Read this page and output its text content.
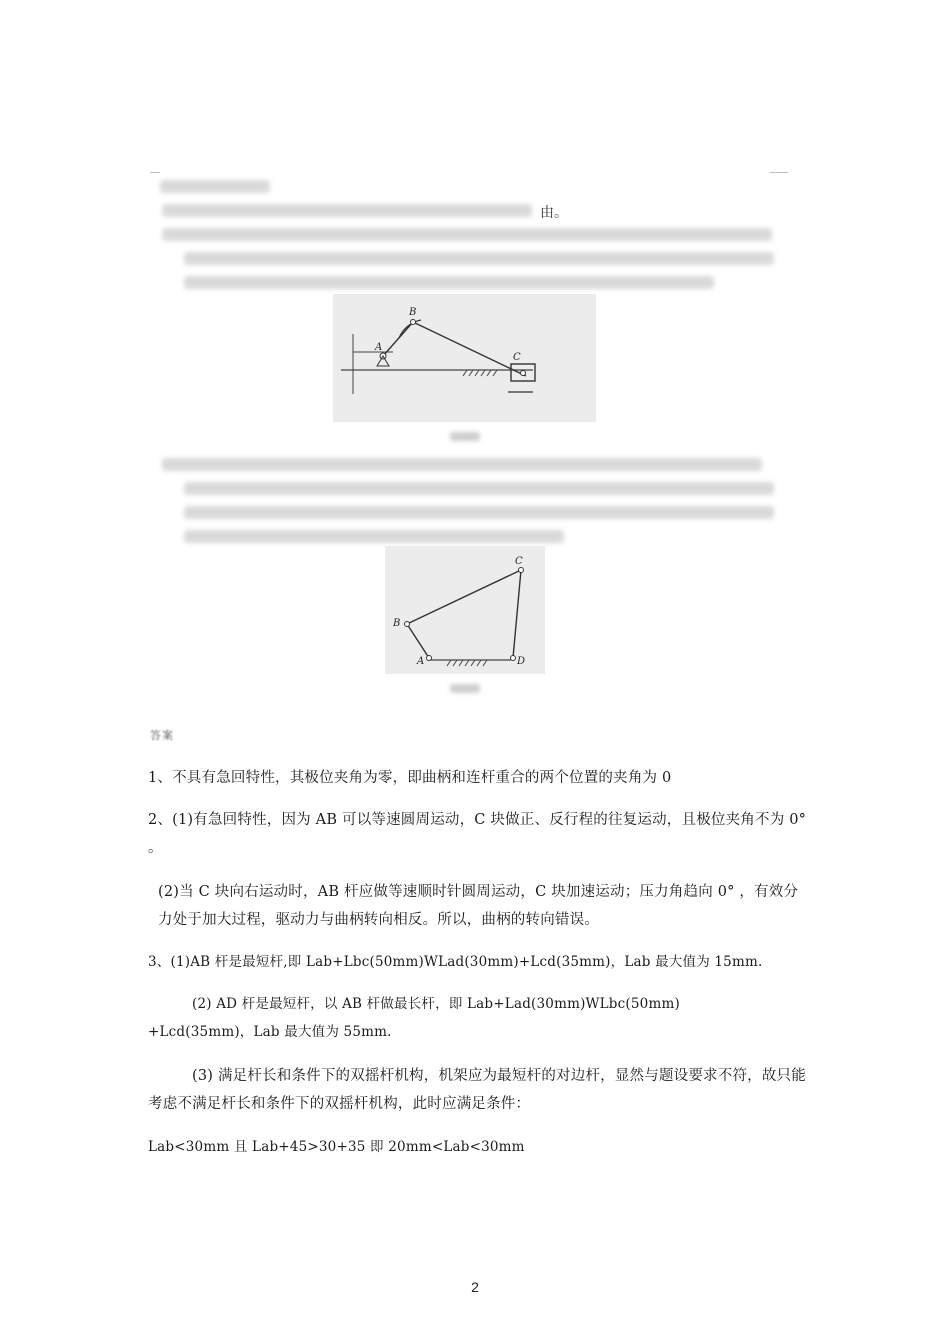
由。
B
A
C
C
B
A	D
答案
1、不具有急回特性，其极位夹角为零，即曲柄和连杆重合的两个位置的夹角为 0
2、(1)有急回特性，因为 AB 可以等速圆周运动，C 块做正、反行程的往复运动，且极位夹角不为 0° 。
(2)当 C 块向右运动时，AB 杆应做等速顺时针圆周运动，C 块加速运动；压力角趋向 0° ，有效分力处于加大过程，驱动力与曲柄转向相反。所以，曲柄的转向错误。
3、(1)AB 杆是最短杆,即 Lab+Lbc(50mm)WLad(30mm)+Lcd(35mm)，Lab 最大值为 15mm.
(2) AD 杆是最短杆，以 AB 杆做最长杆，即 Lab+Lad(30mm)WLbc(50mm)
+Lcd(35mm)，Lab 最大值为 55mm.
(3) 满足杆长和条件下的双摇杆机构，机架应为最短杆的对边杆，显然与题设要求不符，故只能考虑不满足杆长和条件下的双摇杆机构，此时应满足条件：
Lab<30mm 且 Lab+45>30+35 即 20mm<Lab<30mm
2
